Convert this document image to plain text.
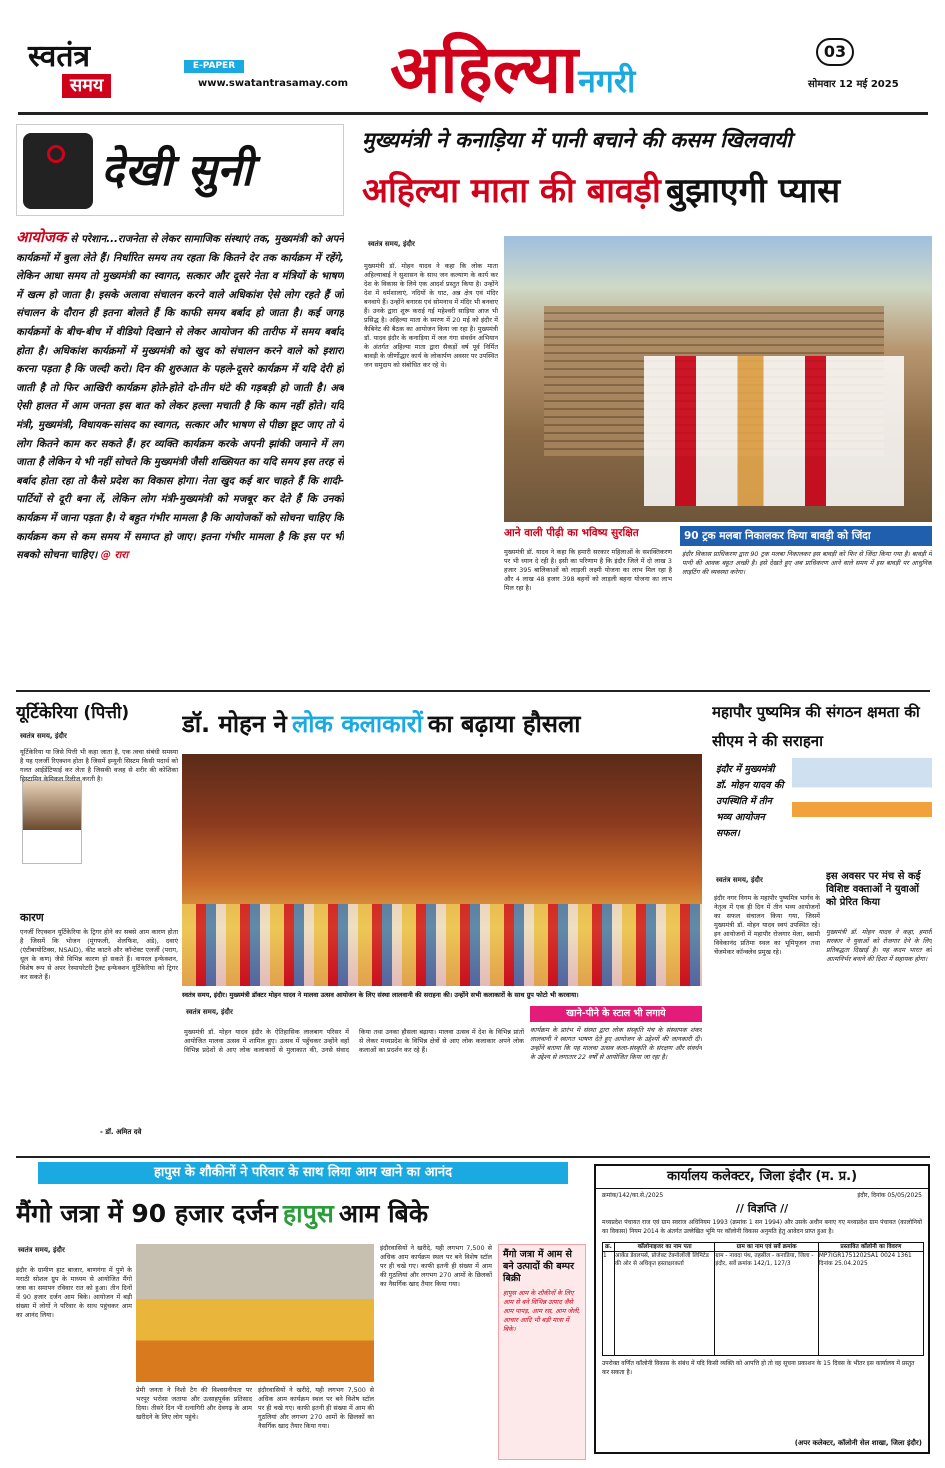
स्वतंत्र
समय
E-PAPER
www.swatantrasamay.com अहिल्यानगरी
03
सोमवार 12 मई 2025
देखी सुनी
आयोजक से परेशान...राजनेता से लेकर सामाजिक संस्थाएं तक, मुख्यमंत्री को अपने कार्यक्रमों में बुला लेते हैं। निर्धारित समय तय रहता कि कितने देर तक कार्यक्रम में रहेंगे, लेकिन आधा समय तो मुख्यमंत्री का स्वागत, सत्कार और दूसरे नेता व मंत्रियों के भाषण में खत्म हो जाता है। इसके अलावा संचालन करने वाले अधिकांश ऐसे लोग रहते हैं जो संचालन के दौरान ही इतना बोलते हैं कि काफी समय बर्बाद हो जाता है। कई जगह कार्यक्रमों के बीच-बीच में वीडियो दिखाने से लेकर आयोजन की तारीफ में समय बर्बाद होता है। अधिकांश कार्यक्रमों में मुख्यमंत्री को खुद को संचालन करने वाले को इशारा करना पड़ता है कि जल्दी करो। दिन की शुरुआत के पहले-दूसरे कार्यक्रम में यदि देरी हो जाती है तो फिर आखिरी कार्यक्रम होते-होते दो-तीन घंटे की गड़बड़ी हो जाती है। अब ऐसी हालत में आम जनता इस बात को लेकर हल्ला मचाती है कि काम नहीं होते। यदि मंत्री, मुख्यमंत्री, विधायक-सांसद का स्वागत, सत्कार और भाषण से पीछा छूट जाए तो ये लोग कितने काम कर सकते हैं। हर व्यक्ति कार्यक्रम करके अपनी झांकी जमाने में लग जाता है लेकिन ये भी नहीं सोचते कि मुख्यमंत्री जैसी शख्सियत का यदि समय इस तरह से बर्बाद होता रहा तो कैसे प्रदेश का विकास होगा। नेता खुद कई बार चाहते हैं कि शादी-पार्टियों से दूरी बना लें, लेकिन लोग मंत्री-मुख्यमंत्री को मजबूर कर देते हैं कि उनको कार्यक्रम में जाना पड़ता है। ये बहुत गंभीर मामला है कि आयोजकों को सोचना चाहिए कि कार्यक्रम कम से कम समय में समाप्त हो जाए। इतना गंभीर मामला है कि इस पर भी सबको सोचना चाहिए। @ रारा
मुख्यमंत्री ने कनाड़िया में पानी बचाने की कसम खिलवायी
अहिल्या माता की बावड़ी बुझाएगी प्यास
स्वतंत्र समय, इंदौर
मुख्यमंत्री डॉ. मोहन यादव ने कहा कि लोक माता अहिल्याबाई ने सुशासन के साथ जन कल्याण के कार्य कर देश के विकास के लिये एक आदर्श प्रस्तुत किया है। उन्होंने देश में धर्मशालाएं, नदियों के घाट, अन्न क्षेत्र एवं मंदिर बनवाये हैं। उन्होंने बनारस एवं सोमनाथ में मंदिर भी बनवाए हैं। उनके द्वारा शुरू कराई गई महेश्वरी साड़िया आज भी प्रसिद्ध है। अहिल्या माता के स्मरण में 20 मई को इंदौर में कैबिनेट की बैठक का आयोजन किया जा रहा है। मुख्यमंत्री डॉ. यादव इंदौर के कनाड़िया में जल गंगा संवर्धन अभियान के अंतर्गत अहिल्या माता द्वारा सैकड़ों वर्ष पूर्व निर्मित बावड़ी के जीर्णोद्धार कार्य के लोकार्पण अवसर पर उपस्थित जन समुदाय को संबोधित कर रहे थे।
आने वाली पीढ़ी का भविष्य सुरक्षित	90 ट्रक मलबा निकालकर किया बावड़ी को जिंदा
मुख्यमंत्री डॉ. यादव ने कहा कि हमारी सरकार महिलाओं के सशक्तिकरण पर भी ध्यान दे रही है। इसी का परिणाम है कि इंदौर जिले में दो लाख 3 हजार 395 बालिकाओं को लाड़ली लक्ष्मी योजना का लाभ मिल रहा है और 4 लाख 48 हजार 398 बहनों को लाड़ली बहना योजना का लाभ मिल रहा है।
इंदौर विकास प्राधिकरण द्वारा 90 ट्रक मलबा निकालकर इस बावड़ी को फिर से जिंदा किया गया है। बावड़ी में पानी की आवक बहुत अच्छी है। इसे देखते हुए अब प्राधिकरण आने वाले समय में इस बावड़ी पर आधुनिक लाइटिंग की व्यवस्था करेगा।
यूर्टिकेरिया (पित्ती)
स्वतंत्र समय, इंदौर
यूर्टिकेरिया या जिसे पित्ती भी कहा जाता है, एक त्वचा संबंधी समस्या है यह एलर्जी रिएक्शन होता है जिसमें इम्यूनी सिस्टम किसी पदार्थ को गलत आईडेंटिफाई कर लेता है जिसकी वजह से शरीर की कोशिका हिस्टामिन केमिकल रिलीज करती है।
कारण
एनर्जी रिएक्शन यूर्टिकेरिया के ट्रिगर होने का सबसे आम कारण होता है जिसमें कि भोजन (मूंगफली, शेलफिश, अंडे), दवाएं (एंटीबायोटिक्स, NSAID), कीट काटने और कॉन्टेक्ट एलर्जी (पराग, धूल के कण) जैसे विभिन्न कारण हो सकते हैं। वायरल इन्फेक्शन, विशेष रूप से अपर रेस्पायरेटरी ट्रैक्ट इन्फेक्शन यूर्टिकेरिया को ट्रिगर कर सकते हैं।
- डॉ. अमित दवे
डॉ. मोहन ने लोक कलाकारों का बढ़ाया हौसला
स्वतंत्र समय, इंदौर। मुख्यमंत्री डॉक्टर मोहन यादव ने मालवा उत्सव आयोजन के लिए संस्था लालवानी की सराहना की। उन्होंने सभी कलाकारों के साथ ग्रुप फोटो भी करवाया।
स्वतंत्र समय, इंदौर
मुख्यमंत्री डॉ. मोहन यादव इंदौर के ऐतिहासिक लालबाग परिसर में आयोजित मालवा उत्सव में शामिल हुए। उत्सव में पहुँचकर उन्होंने वहाँ विभिन्न प्रदेशों से आए लोक कलाकारों से मुलाकात की, उनसे संवाद किया तथा उनका हौसला बढ़ाया। मालवा उत्सव में देश के विभिन्न प्रांतों से लेकर मध्यप्रदेश के विभिन्न क्षेत्रों से आए लोक कलाकार अपने लोक कलाओं का प्रदर्शन कर रहे हैं।
खाने-पीने के स्टाल भी लगाये
कार्यक्रम के प्रारंभ में संस्था द्वारा लोक संस्कृति मंच के संस्थापक शंकर लालवानी ने स्वागत भाषण देते हुए आयोजन के उद्देश्यों की जानकारी दी। उन्होंने बताया कि यह मालवा उत्सव कला-संस्कृति के संरक्षण और संवर्धन के उद्देश्य से लगातार 22 वर्षों से आयोजित किया जा रहा है।
महापौर पुष्यमित्र की संगठन क्षमता की सीएम ने की सराहना
इंदौर में मुख्यमंत्री डॉ. मोहन यादव की उपस्थिति में तीन भव्य आयोजन सफल।
स्वतंत्र समय, इंदौर
इंदौर नगर निगम के महापौर पुष्यमित्र भार्गव के नेतृत्व में एक ही दिन में तीन भव्य आयोजनों का सफल संचालन किया गया, जिसमें मुख्यमंत्री डॉ. मोहन यादव स्वयं उपस्थित रहे। इन आयोजनों में महापौर रोजगार मेला, स्वामी विवेकानंद प्रतिमा स्थल का भूमिपूजन तथा चेंजमेकर कॉन्क्लेव प्रमुख रहे।
इस अवसर पर मंच से कई विशिष्ट वक्ताओं ने युवाओं को प्रेरित किया
मुख्यमंत्री डॉ. मोहन यादव ने कहा, हमारी सरकार ने युवाओं को रोजगार देने के लिए प्रतिबद्धता दिखाई है। यह कदम भारत को आत्मनिर्भर बनाने की दिशा में सहायक होगा।
हापुस के शौकीनों ने परिवार के साथ लिया आम खाने का आनंद
मैंगो जत्रा में 90 हजार दर्जन हापुस आम बिके
स्वतंत्र समय, इंदौर
इंदौर के ग्रामीण हाट बाजार, बाणगंगा में पुणे के मराठी सोशल ग्रुप के माध्यम से आयोजित मैंगो जत्रा का समापन रविवार रात को हुआ। तीन दिनों में 90 हजार दर्जन आम बिके। आयोजन में बड़ी संख्या में लोगों ने परिवार के साथ पहुंचकर आम का आनंद लिया।
प्रेमी जनता ने निशो टैग की विश्वसनीयता पर भरपूर भरोसा जताया और उत्साहपूर्वक प्रतिसाद दिया। तीसरे दिन भी रत्नागिरी और देवगढ़ के आम खरीदने के लिए लोग पहुंचे।
इंदौरवासियों ने खरीदे, यही लगभग 7,500 से अधिक आम कार्यक्रम स्थल पर बने विशेष स्टॉल पर ही चखे गए। काफी इतनी ही संख्या में आम की गुठलियां और लगभग 270 आमों के छिलकों का नैसर्गिक खाद तैयार किया गया।
इंदौरवासियों ने खरीदे, यही लगभग 7,500 से अधिक आम कार्यक्रम स्थल पर बने विशेष स्टॉल पर ही चखे गए। काफी इतनी ही संख्या में आम की गुठलियां और लगभग 270 आमों के छिलकों का नैसर्गिक खाद तैयार किया गया।
मैंगो जत्रा में आम से बने उत्पादों की बम्पर बिक्री
हापुस आम के शौकीनों के लिए आम से बने विभिन्न उत्पाद जैसे आम पापड़, आम रस, आम जेली, आचार आदि भी बड़ी मात्रा में बिके।
कार्यालय कलेक्टर, जिला इंदौर (म. प्र.)
क्रमांक/142/का.से./2025	इंदौर, दिनांक 05/05/2025
// विज्ञप्ति //
मध्यप्रदेश पंचायत राज एवं ग्राम स्वराज अधिनियम 1993 (क्रमांक 1 सन 1994) और उसके अधीन बनाए गए मध्यप्रदेश ग्राम पंचायत (कालोनियों का विकास) नियम 2014 के अंतर्गत उल्लेखित भूमि पर कॉलोनी विकास अनुमति हेतु आवेदन प्राप्त हुआ है।
क्र.	कॉलोनाइजर का नाम पता	ग्राम का नाम एवं सर्वे क्रमांक	प्रस्तावित कॉलोनी का विवरण
1	आर्केड डेवलपर्स, प्रोजेक्ट टेक्नोलॉजी लिमिटेड की ओर से अधिकृत हस्ताक्षरकर्ता	ग्राम - नावदा पंथ, तहसील - कनाडिया, जिला - इंदौर, सर्वे क्रमांक 142/1, 127/3	MP7IGR1751202SA1 0024 1361 दिनांक 25.04.2025
उपरोक्त वर्णित कॉलोनी विकास के संबंध में यदि किसी व्यक्ति को आपत्ति हो तो वह सूचना प्रकाशन के 15 दिवस के भीतर इस कार्यालय में प्रस्तुत कर सकता है।
(अपर कलेक्टर, कॉलोनी सेल शाखा, जिला इंदौर)
